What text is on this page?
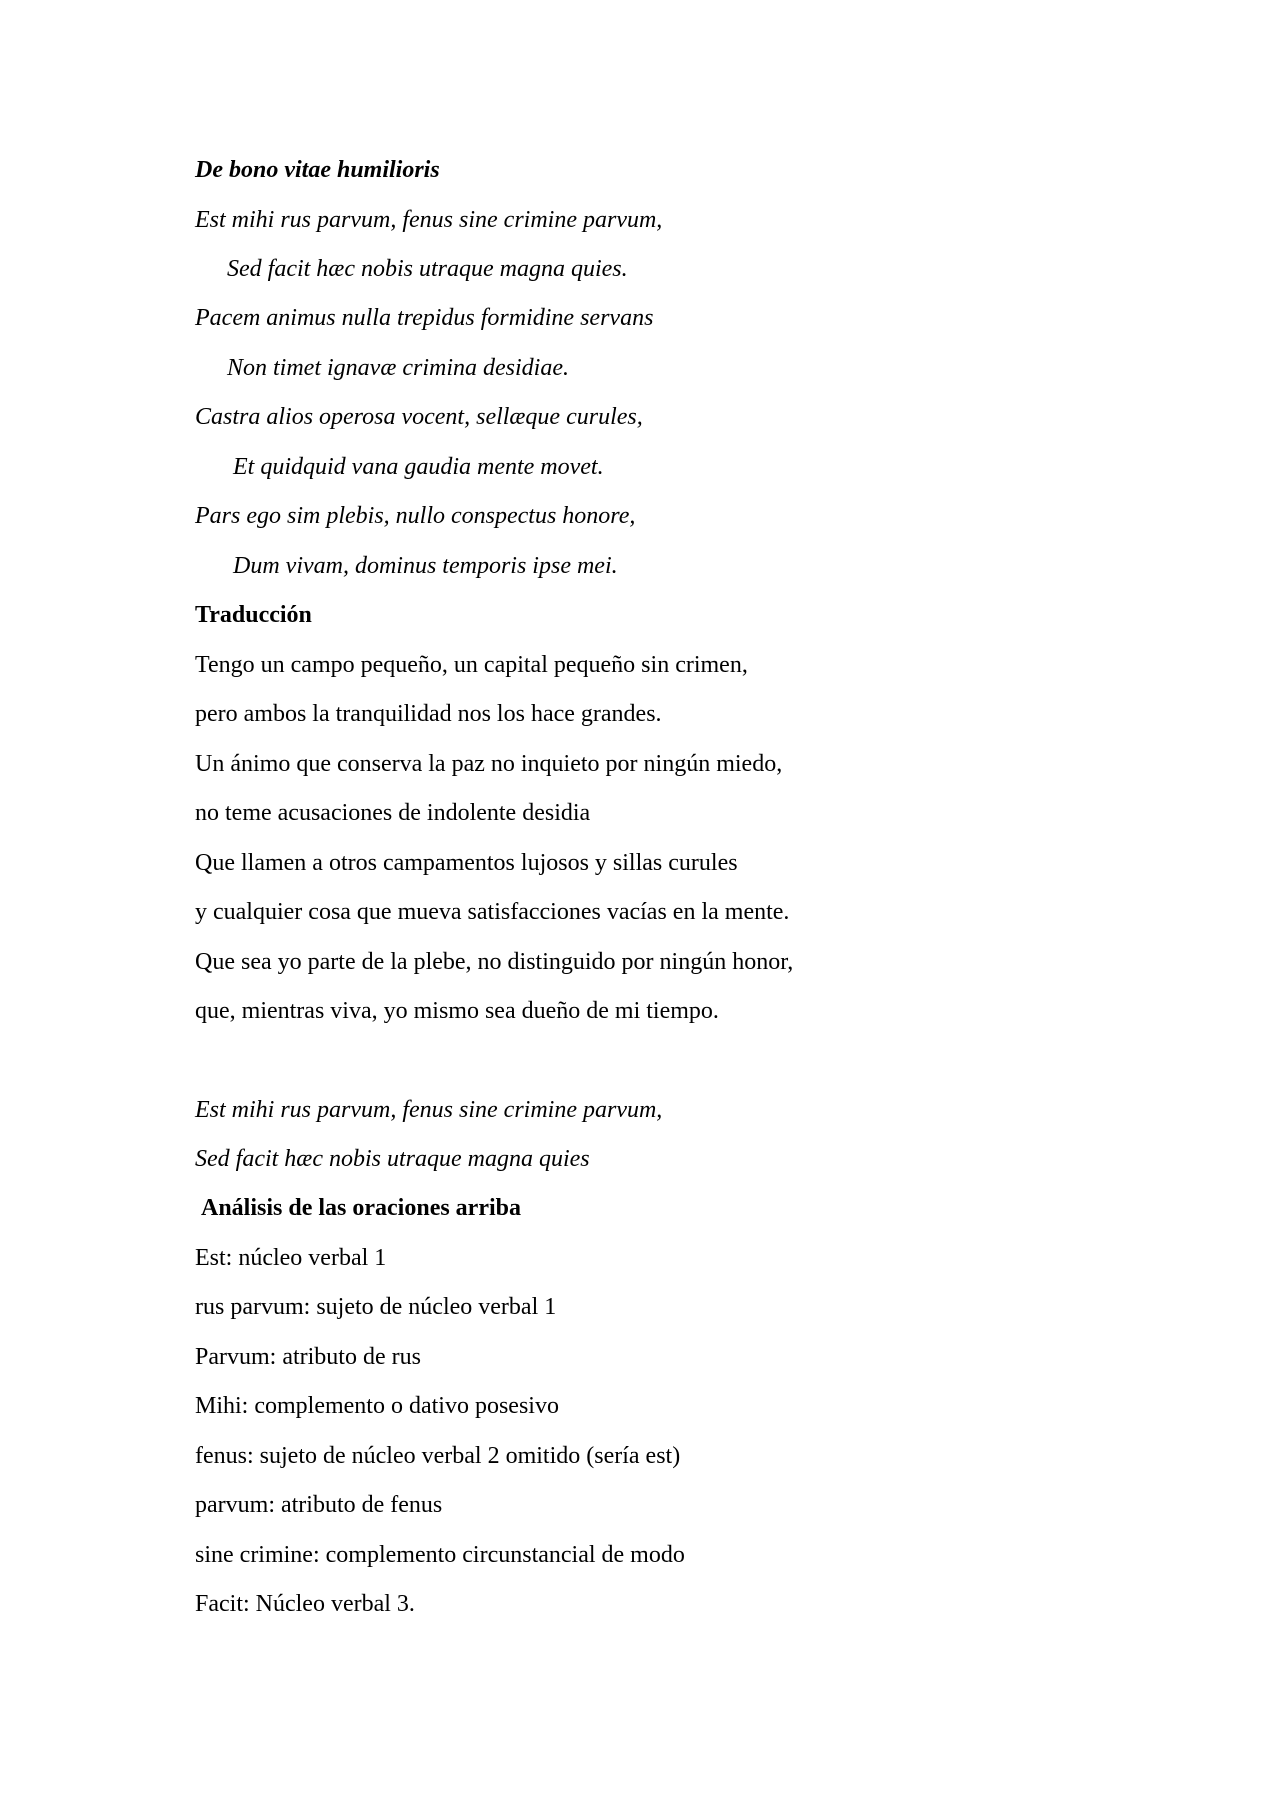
De bono vitae humilioris
Est mihi rus parvum, fenus sine crimine parvum,
Sed facit hæc nobis utraque magna quies.
Pacem animus nulla trepidus formidine servans
Non timet ignavæ crimina desidiae.
Castra alios operosa vocent, sellæque curules,
Et quidquid vana gaudia mente movet.
Pars ego sim plebis, nullo conspectus honore,
Dum vivam, dominus temporis ipse mei.
Traducción
Tengo un campo pequeño, un capital pequeño sin crimen,
pero ambos la tranquilidad nos los hace grandes.
Un ánimo que conserva la paz no inquieto por ningún miedo,
no teme acusaciones de indolente desidia
Que llamen a otros campamentos lujosos y sillas curules
y cualquier cosa que mueva satisfacciones vacías en la mente.
Que sea yo parte de la plebe, no distinguido por ningún honor,
que, mientras viva, yo mismo sea dueño de mi tiempo.
Est mihi rus parvum, fenus sine crimine parvum,
Sed facit hæc nobis utraque magna quies
Análisis de las oraciones arriba
Est: núcleo verbal 1
rus parvum: sujeto de núcleo verbal 1
Parvum: atributo de rus
Mihi: complemento o dativo posesivo
fenus: sujeto de núcleo verbal 2 omitido (sería est)
parvum: atributo de fenus
sine crimine: complemento circunstancial de modo
Facit: Núcleo verbal 3.
